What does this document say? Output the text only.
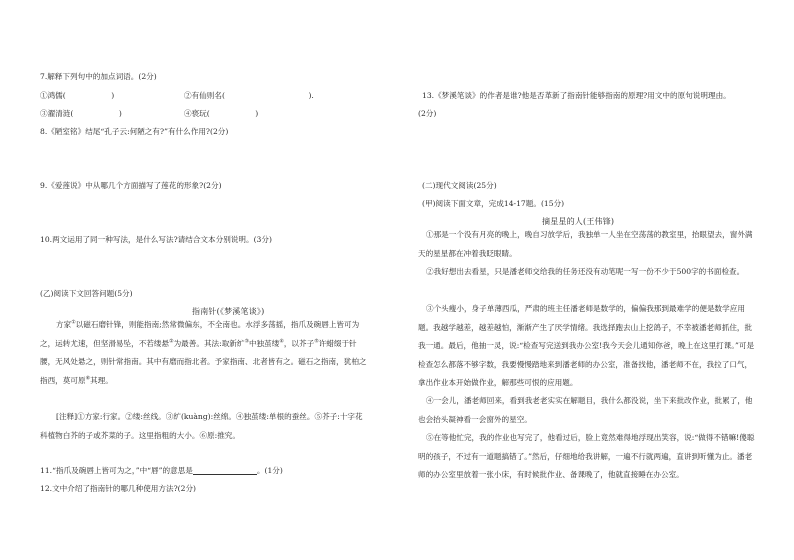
7.解释下列句中的加点词语。(2分)
①鸿儒(　　　　　　)	②有仙则名(　　　　　　　　　　　).
③濯清涟(　　　　　　)	④亵玩(　　　　　　)
8.《陋室铭》结尾“孔子云:何陋之有?”有什么作用?(2分)
9.《爱莲说》中从哪几个方面描写了莲花的形象?(2分)
10.两文运用了同一种写法，是什么写法?请结合文本分别说明。(3分)
(乙)阅读下文回答问题(5分)
指南针(《梦溪笔谈》)
方家①以磁石磨针锋，则能指南;然常微偏东，不全南也。水浮多荡摇，指爪及碗唇上皆可为之，运转尤速，但坚滑易坠，不若缕悬②为最善。其法:取新纩③中独茧缕④，以芥子⑤许蜡缀于针腰，无风处悬之，则针常指南。其中有磨而指北者。予家指南、北者皆有之。磁石之指南，犹柏之指西，莫可原⑥其理。
[注释]①方家:行家。②缕:丝线。③纩(kuàng):丝绵。④独茧缕:单根的蚕丝。⑤芥子:十字花科植物白芥的子或芥菜的子。这里指粗的大小。⑥原:推究。
11.“指爪及碗唇上皆可为之，”中“唇”的意思是	。(1分)
12.文中介绍了指南针的哪几种使用方法?(2分)
13.《梦溪笔谈》的作者是谁?他是否革新了指南针能够指南的原理?用文中的原句说明理由。
(2分)
(二)现代文阅读(25分)
(甲)阅读下面文章，完成14-17题。(15分)
摘星星的人(王伟锋)
①那是一个没有月亮的晚上，晚自习放学后，我独单一人坐在空荡荡的教室里，抬眼望去，窗外满天的星星都在冲着我眨眼睛。
②我好想出去看星，只是潘老师交给我的任务还没有动笔呢一写一份不少于500字的书面检查。
③个头瘦小，身子单薄西瓜，严肃的班主任潘老师是数学的，偏偏我那到最难学的便是数学应用题。我越学越差，越差越怕，渐渐产生了厌学情绪。我选择跑去山上挖鸽子，不幸被潘老师抓住，批我一通。最后，他抽一灵，说:“检查写完送到我办公室!我今天会儿通知你爸，晚上在这里打课。”可是检查怎么都落不够字数，我要慢慢踏地来到潘老师的办公室，准备找他，潘老师不在，我拉了口气，拿出作业本开始做作业，解那些可恨的应用题。
④一会儿，潘老师回来，看到我老老实实在解题目，我什么都没说，坐下来批改作业，批累了，他也会抬头凝神看一会窗外的星空。
⑤在等他忙完，我的作业也写完了，他看过后，脸上竟然难得地浮现出笑容，说:“做得不错嘛!傻聪明的孩子，不过有一道题搞错了。”然后，仔细地给我讲解，一遍不行就两遍，直讲到听懂为止。潘老师的办公室里放着一张小床，有时候批作业、备课晚了，他就直接睡在办公室。
